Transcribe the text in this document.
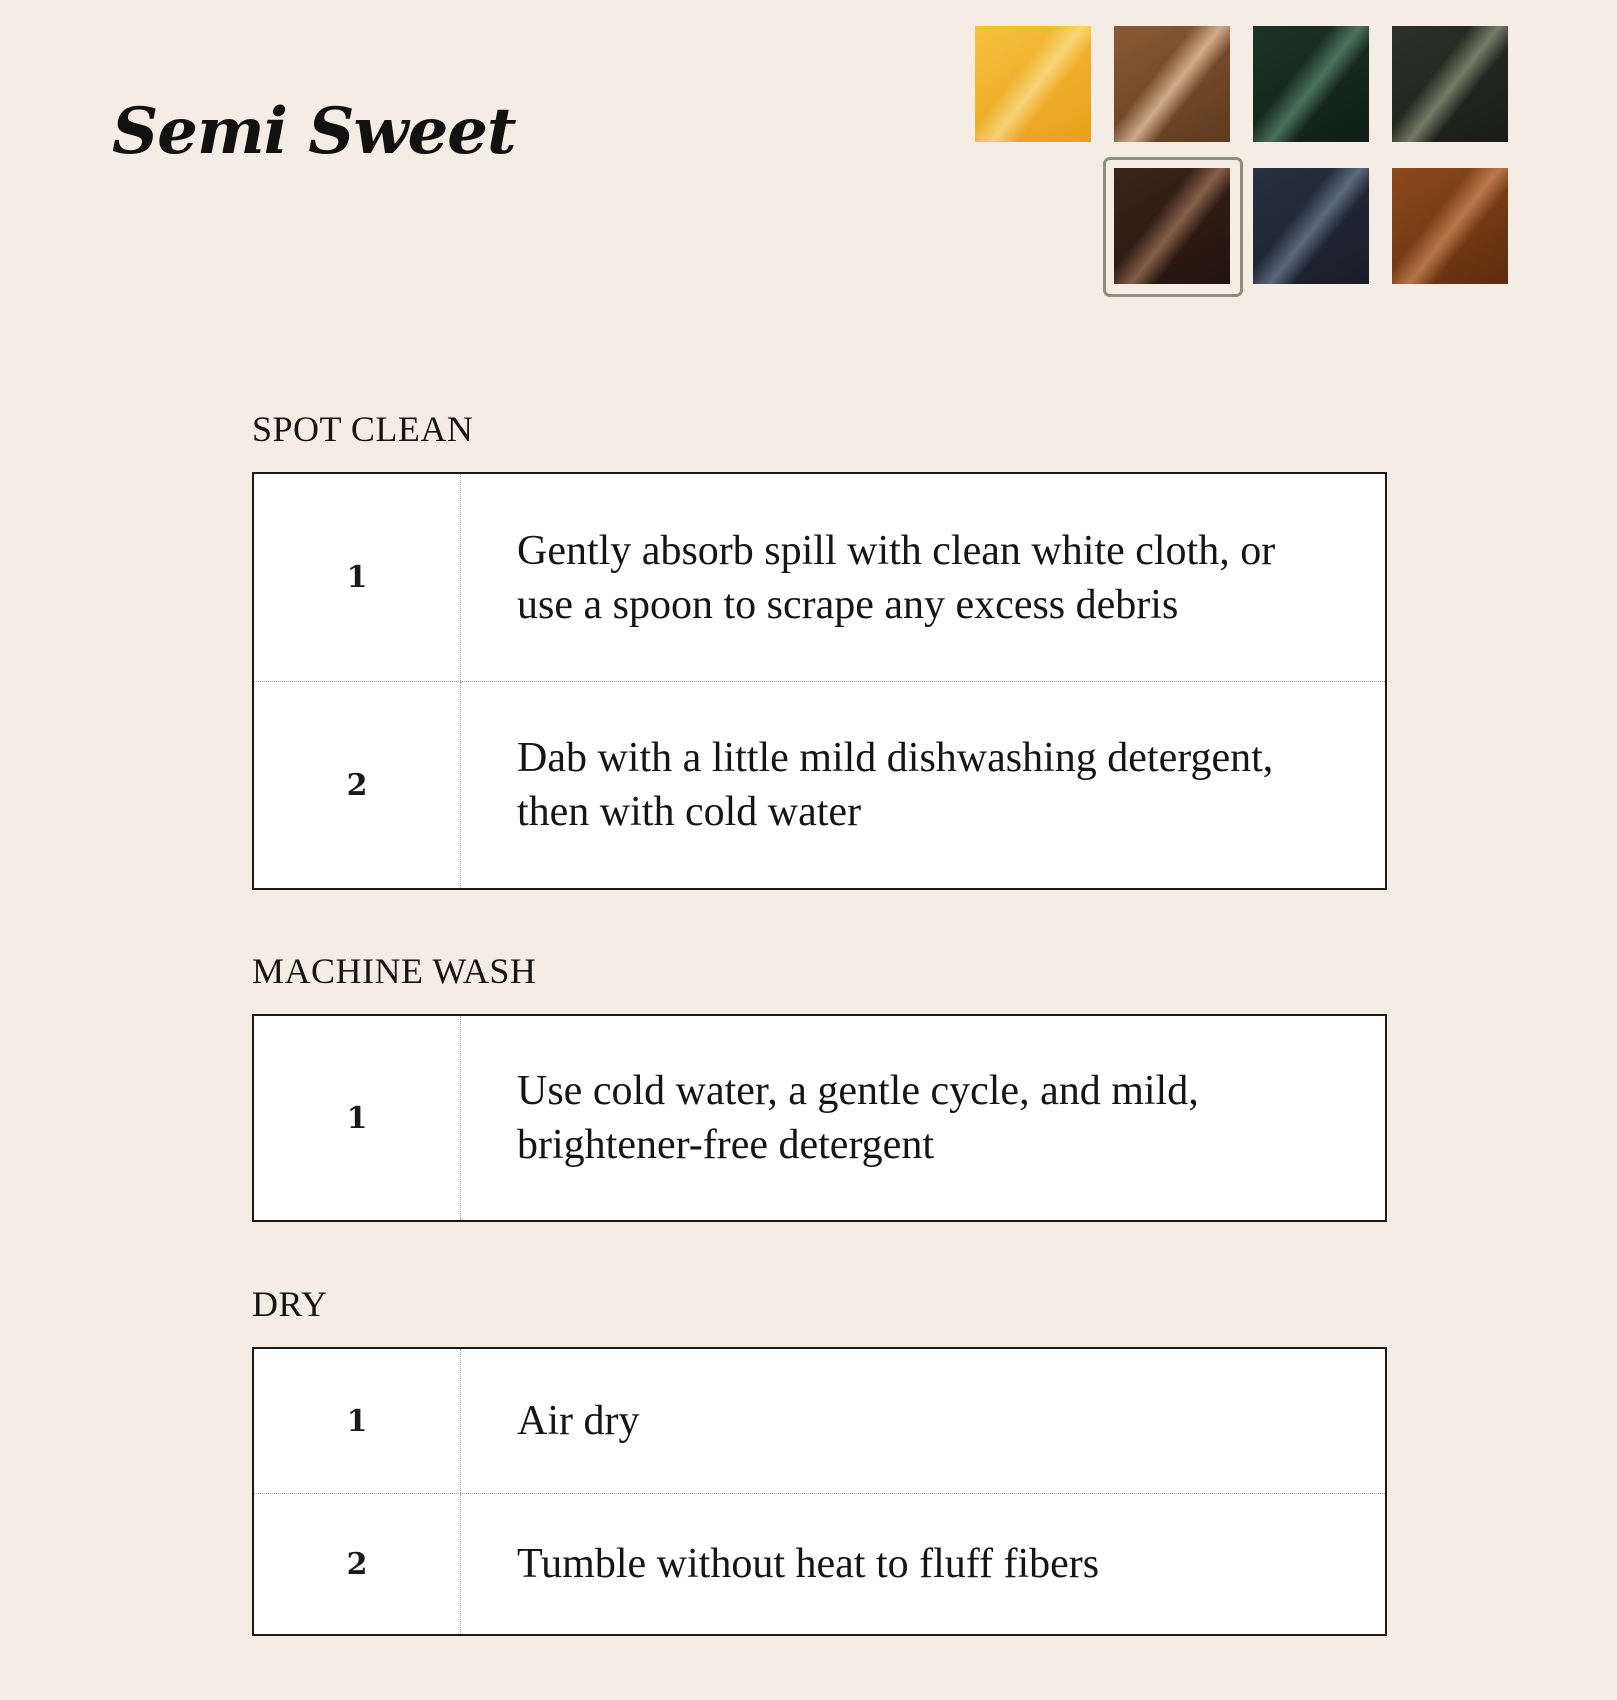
Semi Sweet
SPOT CLEAN
1
Gently absorb spill with clean white cloth, or use a spoon to scrape any excess debris
2
Dab with a little mild dishwashing detergent, then with cold water
MACHINE WASH
1
Use cold water, a gentle cycle, and mild, brightener-free detergent
DRY
1	Air dry
2	Tumble without heat to fluff fibers
